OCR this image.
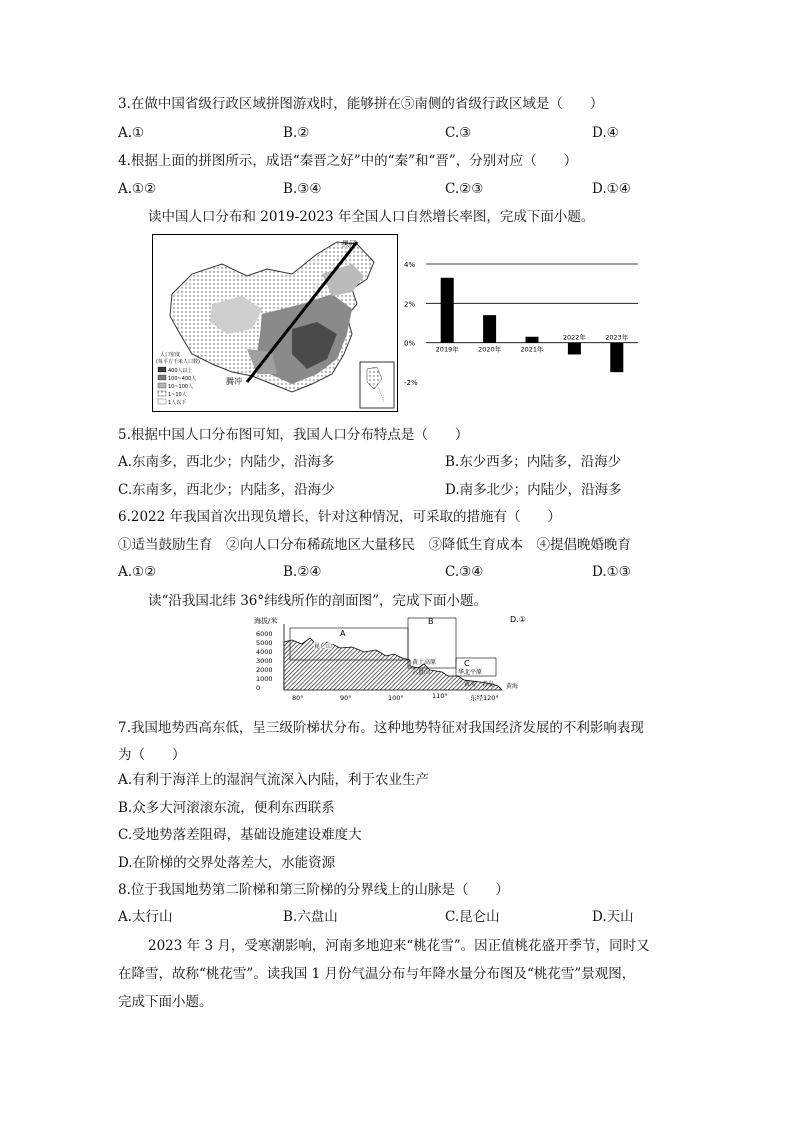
3.在做中国省级行政区域拼图游戏时，能够拼在⑤南侧的省级行政区域是（　　）
A.①	B.②	C.③	D.④
4.根据上面的拼图所示，成语“秦晋之好”中的“秦”和“晋”，分别对应（　　）
A.①②	B.③④	C.②③	D.①④
读中国人口分布和 2019-2023 年全国人口自然增长率图，完成下面小题。
黑河
腾冲
人口密度
(每平方千米人口数)
400人以上
100~400人
10~100人
1~10人
1人以下
4%
2%
0%
-2%
2019年	2020年	2021年
2022年	2023年
5.根据中国人口分布图可知，我国人口分布特点是（　　）
A.东南多，西北少；内陆少，沿海多	B.东少西多；内陆多，沿海少
C.东南多，西北少；内陆多，沿海少	D.南多北少；内陆少，沿海多
6.2022 年我国首次出现负增长，针对这种情况，可采取的措施有（　　）
①适当鼓励生育　②向人口分布稀疏地区大量移民　③降低生育成本　④提倡晚婚晚育
A.①②	B.②④	C.③④	D.①③
读“沿我国北纬 36°纬线所作的剖面图”，完成下面小题。
海拔/米
6000
5000
4000
3000
2000
1000
0
A
B
C
D.①
昆仑山
黄土高原
六盘山	华北平原
黄河 青岛 黄海
80°	90°	100°	110°	东经120°
7.我国地势西高东低，呈三级阶梯状分布。这种地势特征对我国经济发展的不利影响表现
为（　　）
A.有利于海洋上的湿润气流深入内陆，利于农业生产
B.众多大河滚滚东流，便利东西联系
C.受地势落差阻碍，基础设施建设难度大
D.在阶梯的交界处落差大，水能资源
8.位于我国地势第二阶梯和第三阶梯的分界线上的山脉是（　　）
A.太行山	B.六盘山	C.昆仑山	D.天山
2023 年 3 月，受寒潮影响，河南多地迎来“桃花雪”。因正值桃花盛开季节，同时又
在降雪，故称“桃花雪”。读我国 1 月份气温分布与年降水量分布图及“桃花雪”景观图，
完成下面小题。
